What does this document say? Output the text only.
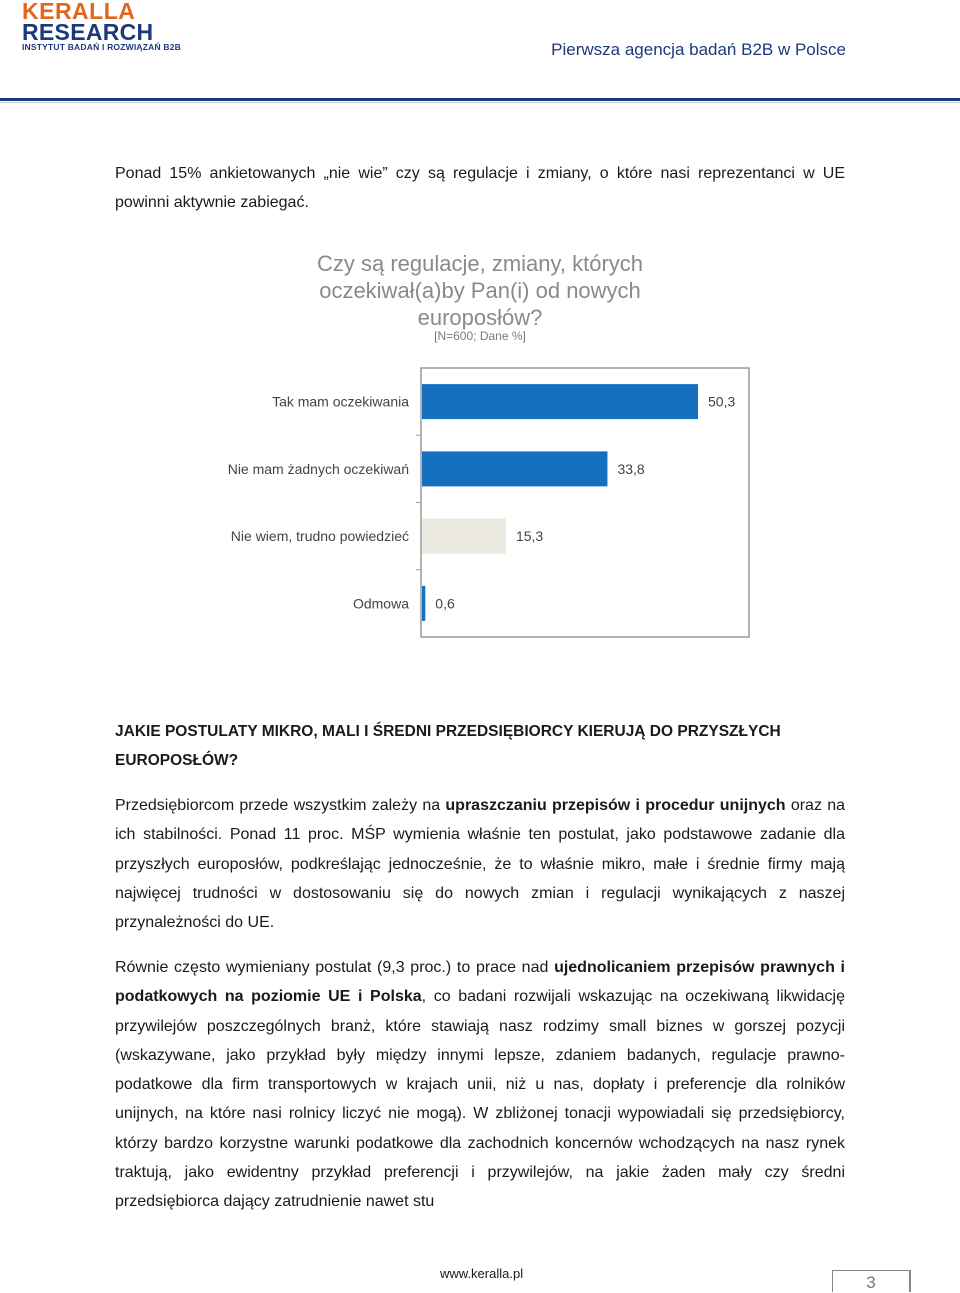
KERALLA
RESEARCH
INSTYTUT BADAŃ I ROZWIĄZAŃ B2B	Pierwsza agencja badań B2B w Polsce
Ponad 15% ankietowanych „nie wie” czy są regulacje i zmiany, o które nasi reprezentanci w UE
powinni aktywnie zabiegać.
Czy są regulacje, zmiany, których
oczekiwał(a)by Pan(i) od nowych
europosłów?
[N=600; Dane %]
Tak mam oczekiwania	50,3
Nie mam żadnych oczekiwań	33,8
Nie wiem, trudno powiedzieć	15,3
Odmowa 0,6
JAKIE POSTULATY MIKRO, MALI I ŚREDNI PRZEDSIĘBIORCY KIERUJĄ DO PRZYSZŁYCH
EUROPOSŁÓW?
Przedsiębiorcom przede wszystkim zależy na upraszczaniu przepisów i procedur unijnych oraz na ich stabilności. Ponad 11 proc. MŚP wymienia właśnie ten postulat, jako podstawowe zadanie dla przyszłych europosłów, podkreślając jednocześnie, że to właśnie mikro, małe i średnie firmy mają najwięcej trudności w dostosowaniu się do nowych zmian i regulacji wynikających z naszej przynależności do UE.
Równie często wymieniany postulat (9,3 proc.) to prace nad ujednolicaniem przepisów prawnych i podatkowych na poziomie UE i Polska, co badani rozwijali wskazując na oczekiwaną likwidację przywilejów poszczególnych branż, które stawiają nasz rodzimy small biznes w gorszej pozycji (wskazywane, jako przykład były między innymi lepsze, zdaniem badanych, regulacje prawno-podatkowe dla firm transportowych w krajach unii, niż u nas, dopłaty i preferencje dla rolników unijnych, na które nasi rolnicy liczyć nie mogą). W zbliżonej tonacji wypowiadali się przedsiębiorcy, którzy bardzo korzystne warunki podatkowe dla zachodnich koncernów wchodzących na nasz rynek traktują, jako ewidentny przykład preferencji i przywilejów, na jakie żaden mały czy średni przedsiębiorca dający zatrudnienie nawet stu
www.keralla.pl	3
